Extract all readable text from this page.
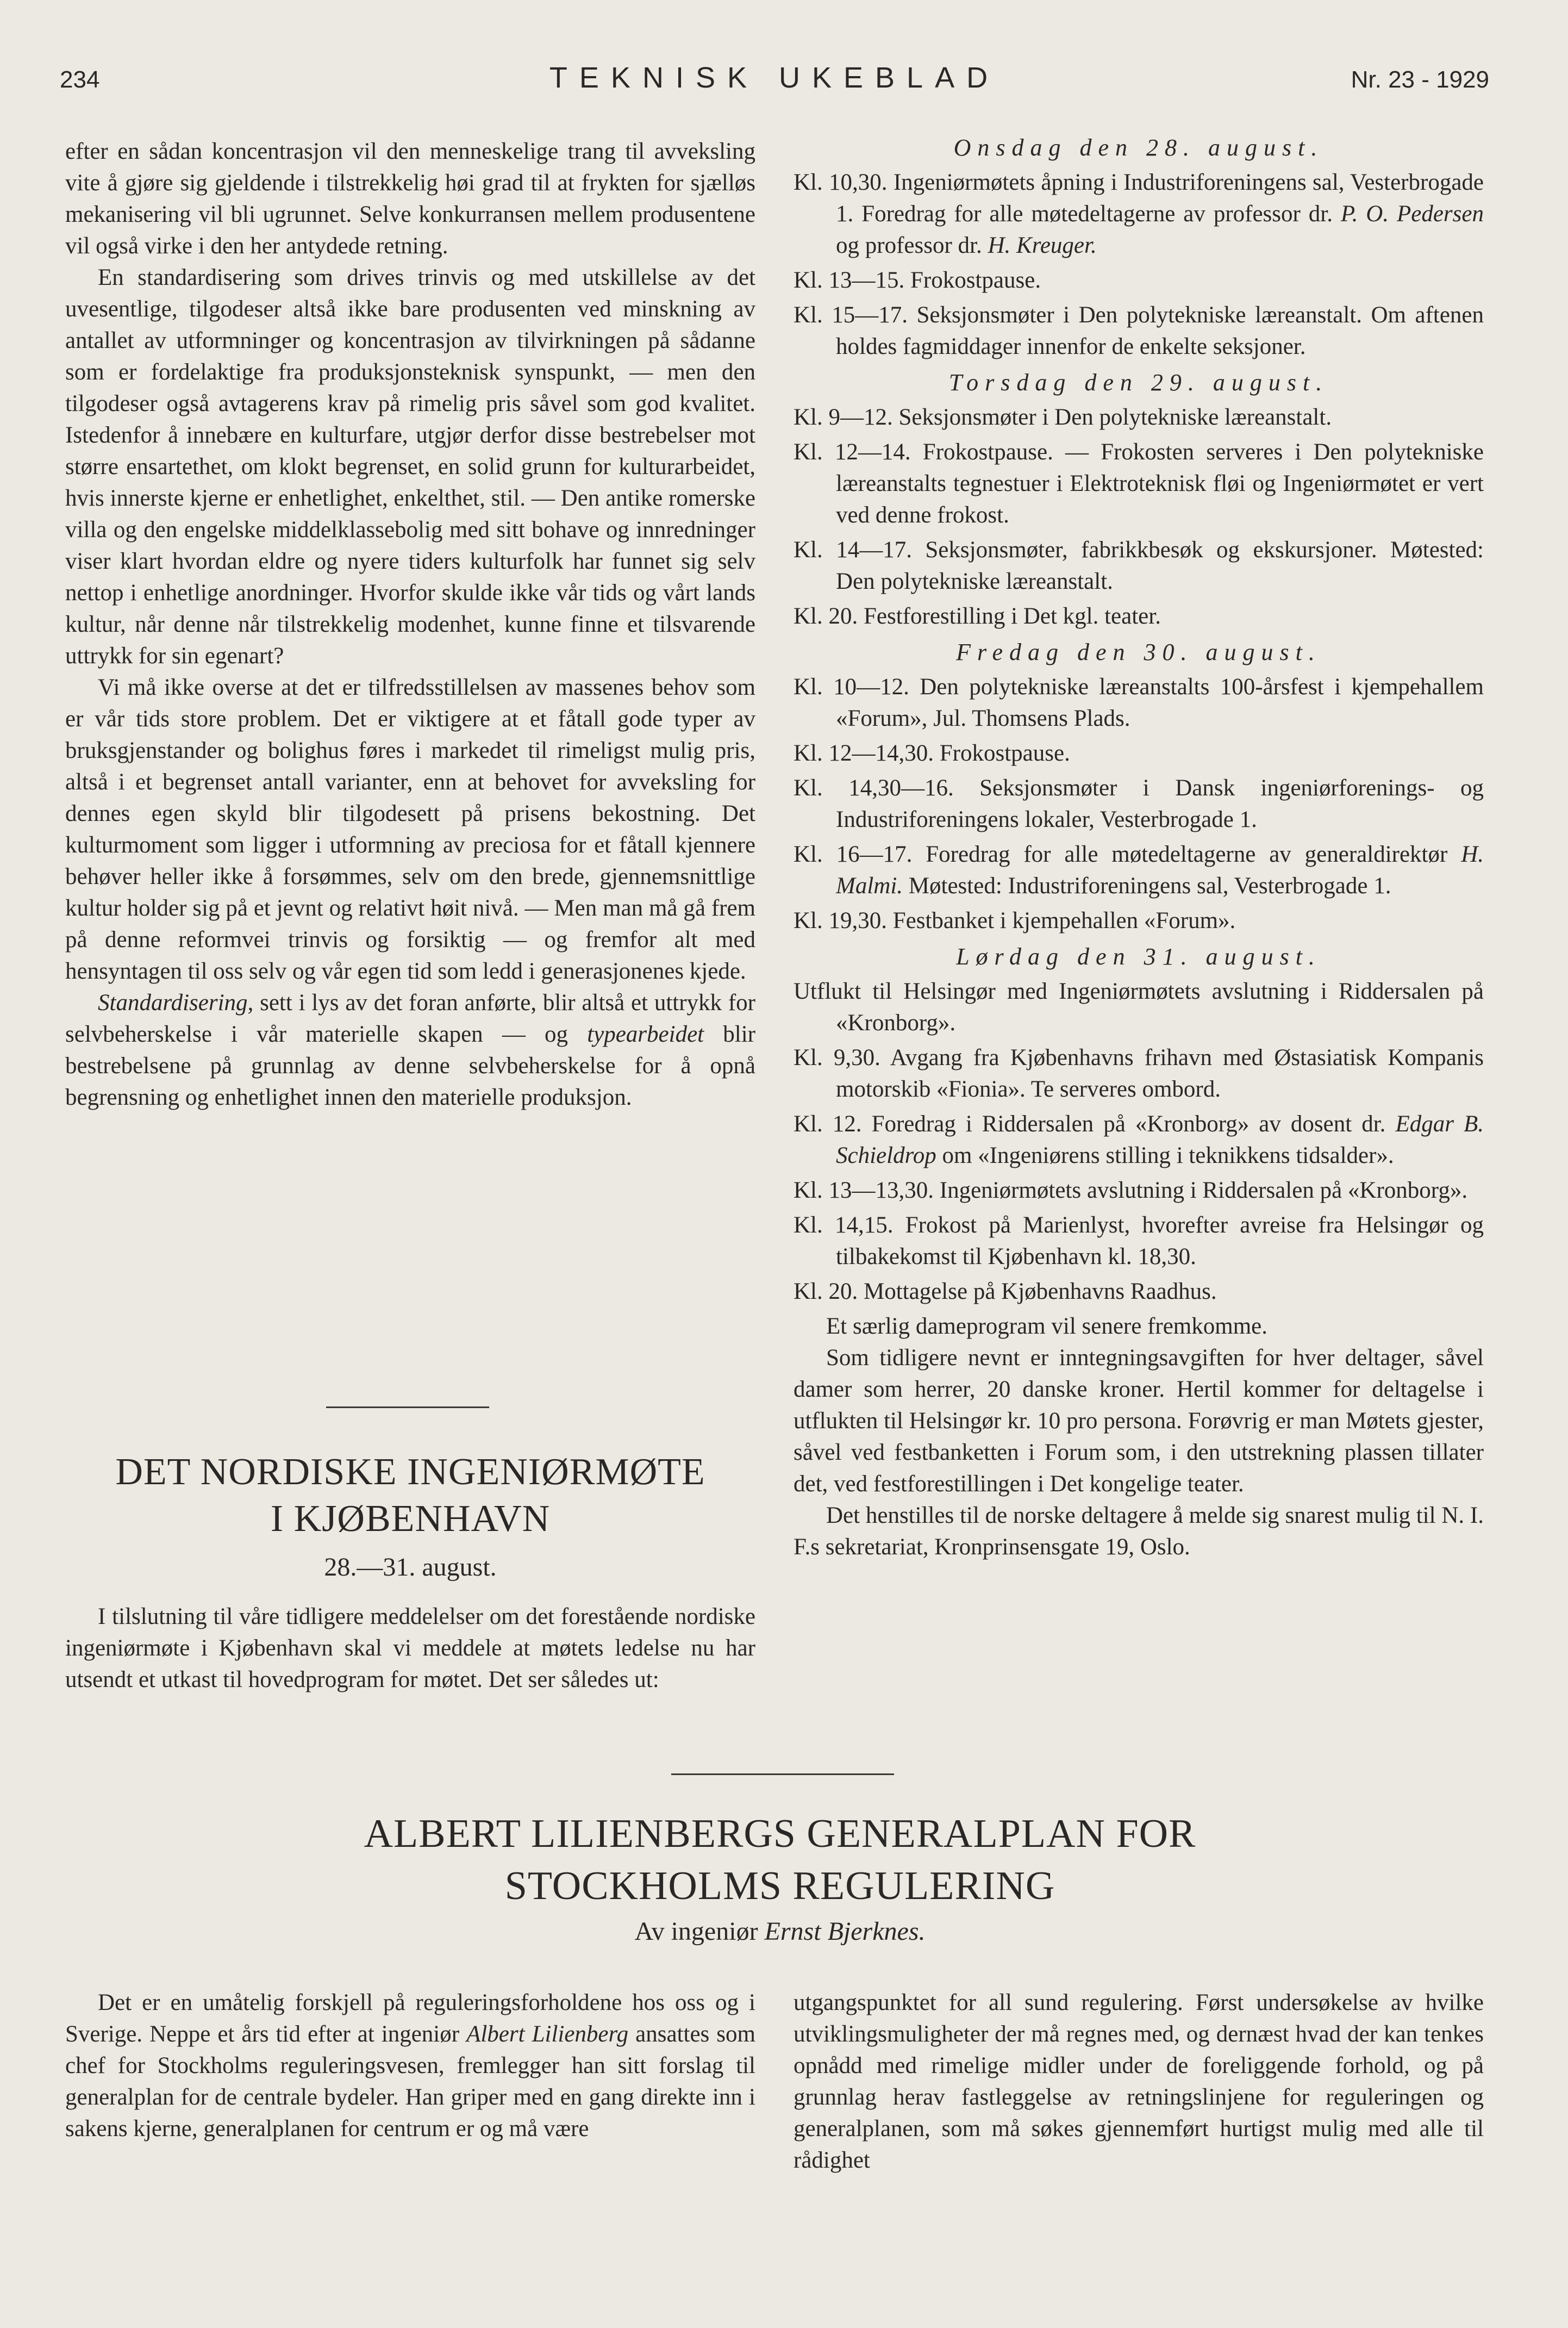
234	TEKNISK UKEBLAD	Nr. 23 - 1929

efter en sådan koncentrasjon vil den menneskelige trang til avveksling vite å gjøre sig gjeldende i tilstrekkelig høi grad til at frykten for sjælløs mekanisering vil bli ugrunnet. Selve konkurransen mellem produsentene vil også virke i den her antydede retning.

En standardisering som drives trinvis og med utskillelse av det uvesentlige, tilgodeser altså ikke bare produsenten ved minskning av antallet av utformninger og koncentrasjon av tilvirkningen på sådanne som er fordelaktige fra produksjonsteknisk synspunkt, — men den tilgodeser også avtagerens krav på rimelig pris såvel som god kvalitet. Istedenfor å innebære en kulturfare, utgjør derfor disse bestrebelser mot større ensartethet, om klokt begrenset, en solid grunn for kulturarbeidet, hvis innerste kjerne er enhetlighet, enkelthet, stil. — Den antike romerske villa og den engelske middelklassebolig med sitt bohave og innredninger viser klart hvordan eldre og nyere tiders kulturfolk har funnet sig selv nettop i enhetlige anordninger. Hvorfor skulde ikke vår tids og vårt lands kultur, når denne når tilstrekkelig modenhet, kunne finne et tilsvarende uttrykk for sin egenart?

Vi må ikke overse at det er tilfredsstillelsen av massenes behov som er vår tids store problem. Det er viktigere at et fåtall gode typer av bruksgjenstander og bolighus føres i markedet til rimeligst mulig pris, altså i et begrenset antall varianter, enn at behovet for avveksling for dennes egen skyld blir tilgodesett på prisens bekostning. Det kulturmoment som ligger i utformning av preciosa for et fåtall kjennere behøver heller ikke å forsømmes, selv om den brede, gjennemsnittlige kultur holder sig på et jevnt og relativt høit nivå. — Men man må gå frem på denne reformvei trinvis og forsiktig — og fremfor alt med hensyntagen til oss selv og vår egen tid som ledd i generasjonenes kjede.

Standardisering, sett i lys av det foran anførte, blir altså et uttrykk for selvbeherskelse i vår materielle skapen — og typearbeidet blir bestrebelsene på grunnlag av denne selvbeherskelse for å opnå begrensning og enhetlighet innen den materielle produksjon.

DET NORDISKE INGENIØRMØTE
I KJØBENHAVN
28.—31. august.
I tilslutning til våre tidligere meddelelser om det forestående nordiske ingeniørmøte i Kjøbenhavn skal vi meddele at møtets ledelse nu har utsendt et utkast til hovedprogram for møtet. Det ser således ut:
Onsdag den 28. august.
Kl. 10,30. Ingeniørmøtets åpning i Industriforeningens sal, Vesterbrogade 1. Foredrag for alle møtedeltagerne av professor dr. P. O. Pedersen og professor dr. H. Kreuger.
Kl. 13—15. Frokostpause.
Kl. 15—17. Seksjonsmøter i Den polytekniske læreanstalt. Om aftenen holdes fagmiddager innenfor de enkelte seksjoner.
Torsdag den 29. august.
Kl. 9—12. Seksjonsmøter i Den polytekniske læreanstalt.
Kl. 12—14. Frokostpause. — Frokosten serveres i Den polytekniske læreanstalts tegnestuer i Elektroteknisk fløi og Ingeniørmøtet er vert ved denne frokost.
Kl. 14—17. Seksjonsmøter, fabrikkbesøk og ekskursjoner. Møtested: Den polytekniske læreanstalt.
Kl. 20. Festforestilling i Det kgl. teater.
Fredag den 30. august.
Kl. 10—12. Den polytekniske læreanstalts 100-årsfest i kjempehallem «Forum», Jul. Thomsens Plads.
Kl. 12—14,30. Frokostpause.
Kl. 14,30—16. Seksjonsmøter i Dansk ingeniørforenings- og Industriforeningens lokaler, Vesterbrogade 1.
Kl. 16—17. Foredrag for alle møtedeltagerne av generaldirektør H. Malmi. Møtested: Industriforeningens sal, Vesterbrogade 1.
Kl. 19,30. Festbanket i kjempehallen «Forum».
Lørdag den 31. august.
Utflukt til Helsingør med Ingeniørmøtets avslutning i Riddersalen på «Kronborg».
Kl. 9,30. Avgang fra Kjøbenhavns frihavn med Østasiatisk Kompanis motorskib «Fionia». Te serveres ombord.
Kl. 12. Foredrag i Riddersalen på «Kronborg» av dosent dr. Edgar B. Schieldrop om «Ingeniørens stilling i teknikkens tidsalder».
Kl. 13—13,30. Ingeniørmøtets avslutning i Riddersalen på «Kronborg».
Kl. 14,15. Frokost på Marienlyst, hvorefter avreise fra Helsingør og tilbakekomst til Kjøbenhavn kl. 18,30.
Kl. 20. Mottagelse på Kjøbenhavns Raadhus.

Et særlig dameprogram vil senere fremkomme.

Som tidligere nevnt er inntegningsavgiften for hver deltager, såvel damer som herrer, 20 danske kroner. Hertil kommer for deltagelse i utflukten til Helsingør kr. 10 pro persona. Forøvrig er man Møtets gjester, såvel ved festbanketten i Forum som, i den utstrekning plassen tillater det, ved festforestillingen i Det kongelige teater.

Det henstilles til de norske deltagere å melde sig snarest mulig til N. I. F.s sekretariat, Kronprinsensgate 19, Oslo.

ALBERT LILIENBERGS GENERALPLAN FOR
STOCKHOLMS REGULERING
Av ingeniør Ernst Bjerknes.
Det er en umåtelig forskjell på reguleringsforholdene hos oss og i Sverige. Neppe et års tid efter at ingeniør Albert Lilienberg ansattes som chef for Stockholms reguleringsvesen, fremlegger han sitt forslag til generalplan for de centrale bydeler. Han griper med en gang direkte inn i sakens kjerne, generalplanen for centrum er og må være
utgangspunktet for all sund regulering. Først undersøkelse av hvilke utviklingsmuligheter der må regnes med, og dernæst hvad der kan tenkes opnådd med rimelige midler under de foreliggende forhold, og på grunnlag herav fastleggelse av retningslinjene for reguleringen og generalplanen, som må søkes gjennemført hurtigst mulig med alle til rådighet
